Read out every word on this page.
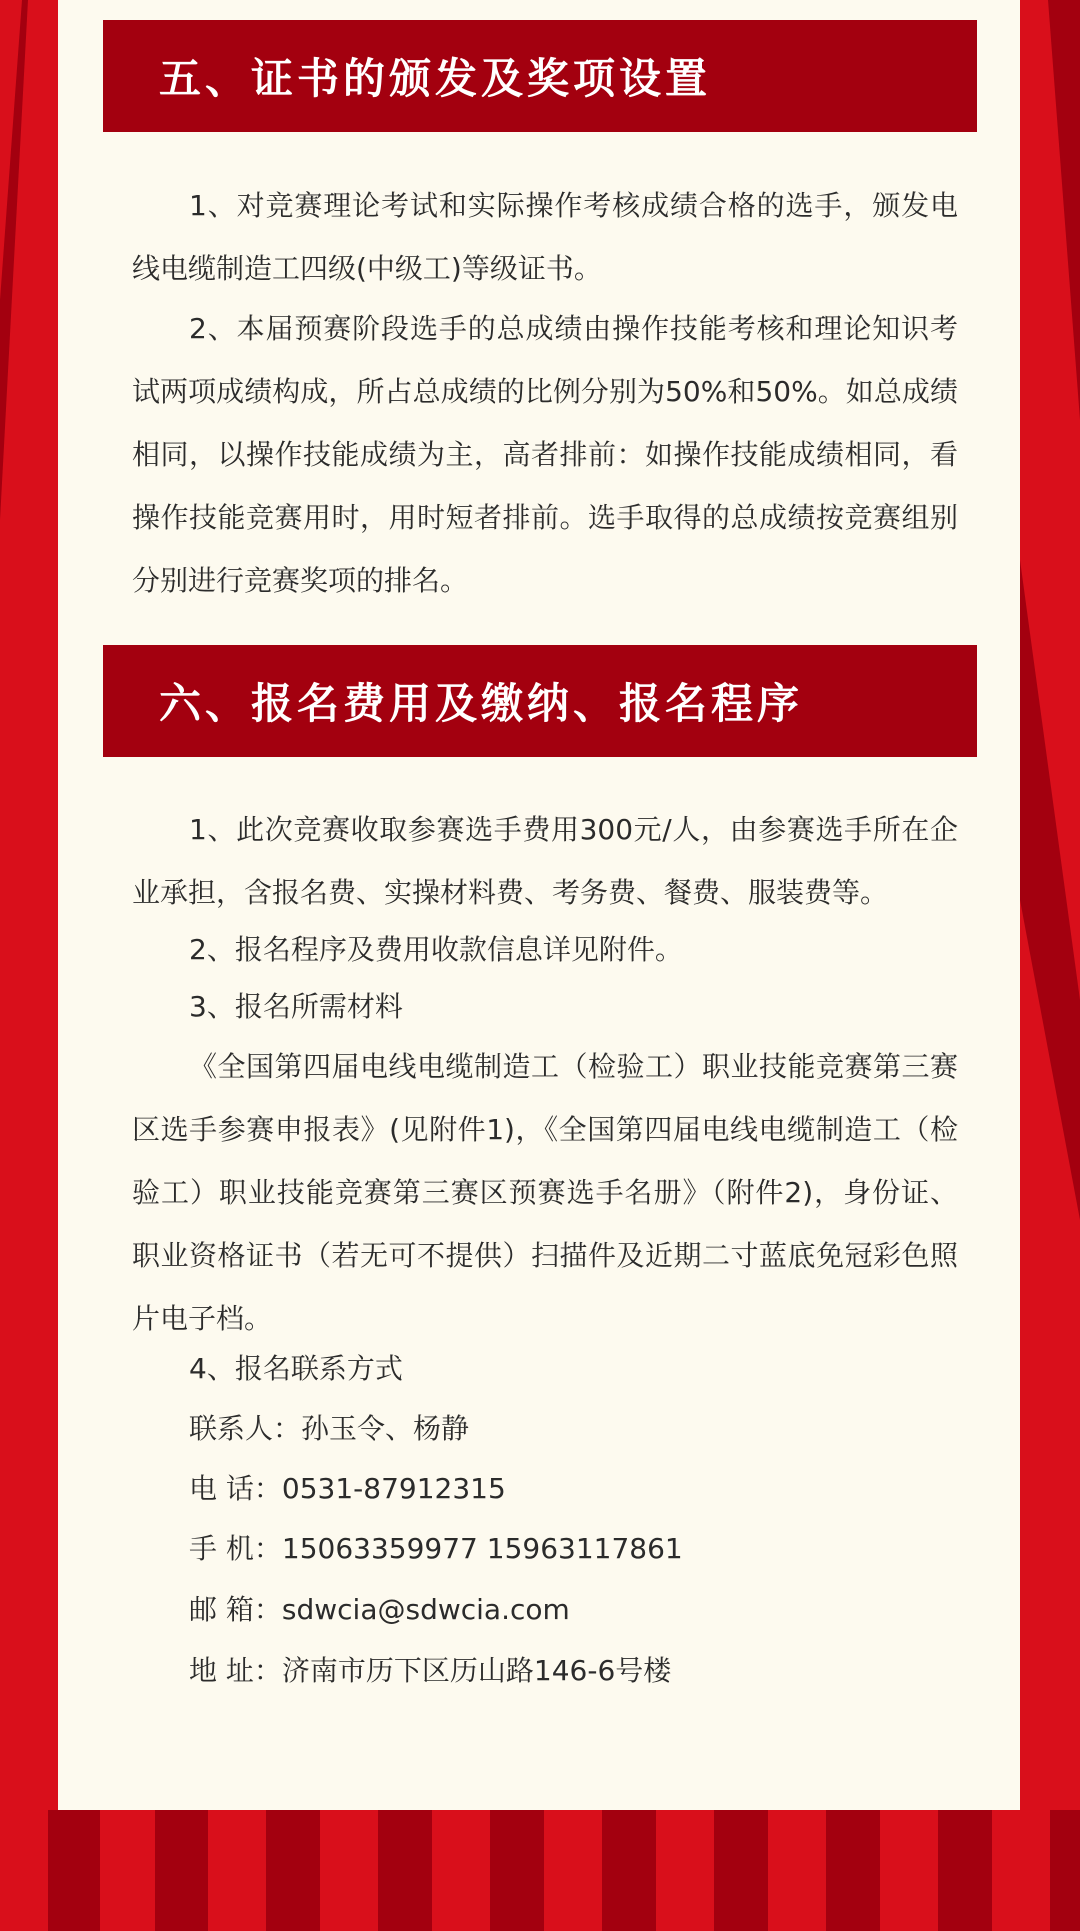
五、证书的颁发及奖项设置

1、对竞赛理论考试和实际操作考核成绩合格的选手，颁发电线电缆制造工四级(中级工)等级证书。

2、本届预赛阶段选手的总成绩由操作技能考核和理论知识考试两项成绩构成，所占总成绩的比例分别为50%和50%。如总成绩相同，以操作技能成绩为主，高者排前：如操作技能成绩相同，看操作技能竞赛用时，用时短者排前。选手取得的总成绩按竞赛组别分别进行竞赛奖项的排名。

六、报名费用及缴纳、报名程序

1、此次竞赛收取参赛选手费用300元/人，由参赛选手所在企业承担，含报名费、实操材料费、考务费、餐费、服装费等。

2、报名程序及费用收款信息详见附件。

3、报名所需材料

《全国第四届电线电缆制造工（检验工）职业技能竞赛第三赛区选手参赛申报表》(见附件1)，《全国第四届电线电缆制造工（检验工）职业技能竞赛第三赛区预赛选手名册》（附件2)，身份证、职业资格证书（若无可不提供）扫描件及近期二寸蓝底免冠彩色照片电子档。

4、报名联系方式

联系人：孙玉令、杨静

电 话：0531-87912315

手 机：15063359977 15963117861

邮 箱：sdwcia@sdwcia.com

地 址：济南市历下区历山路146-6号楼
